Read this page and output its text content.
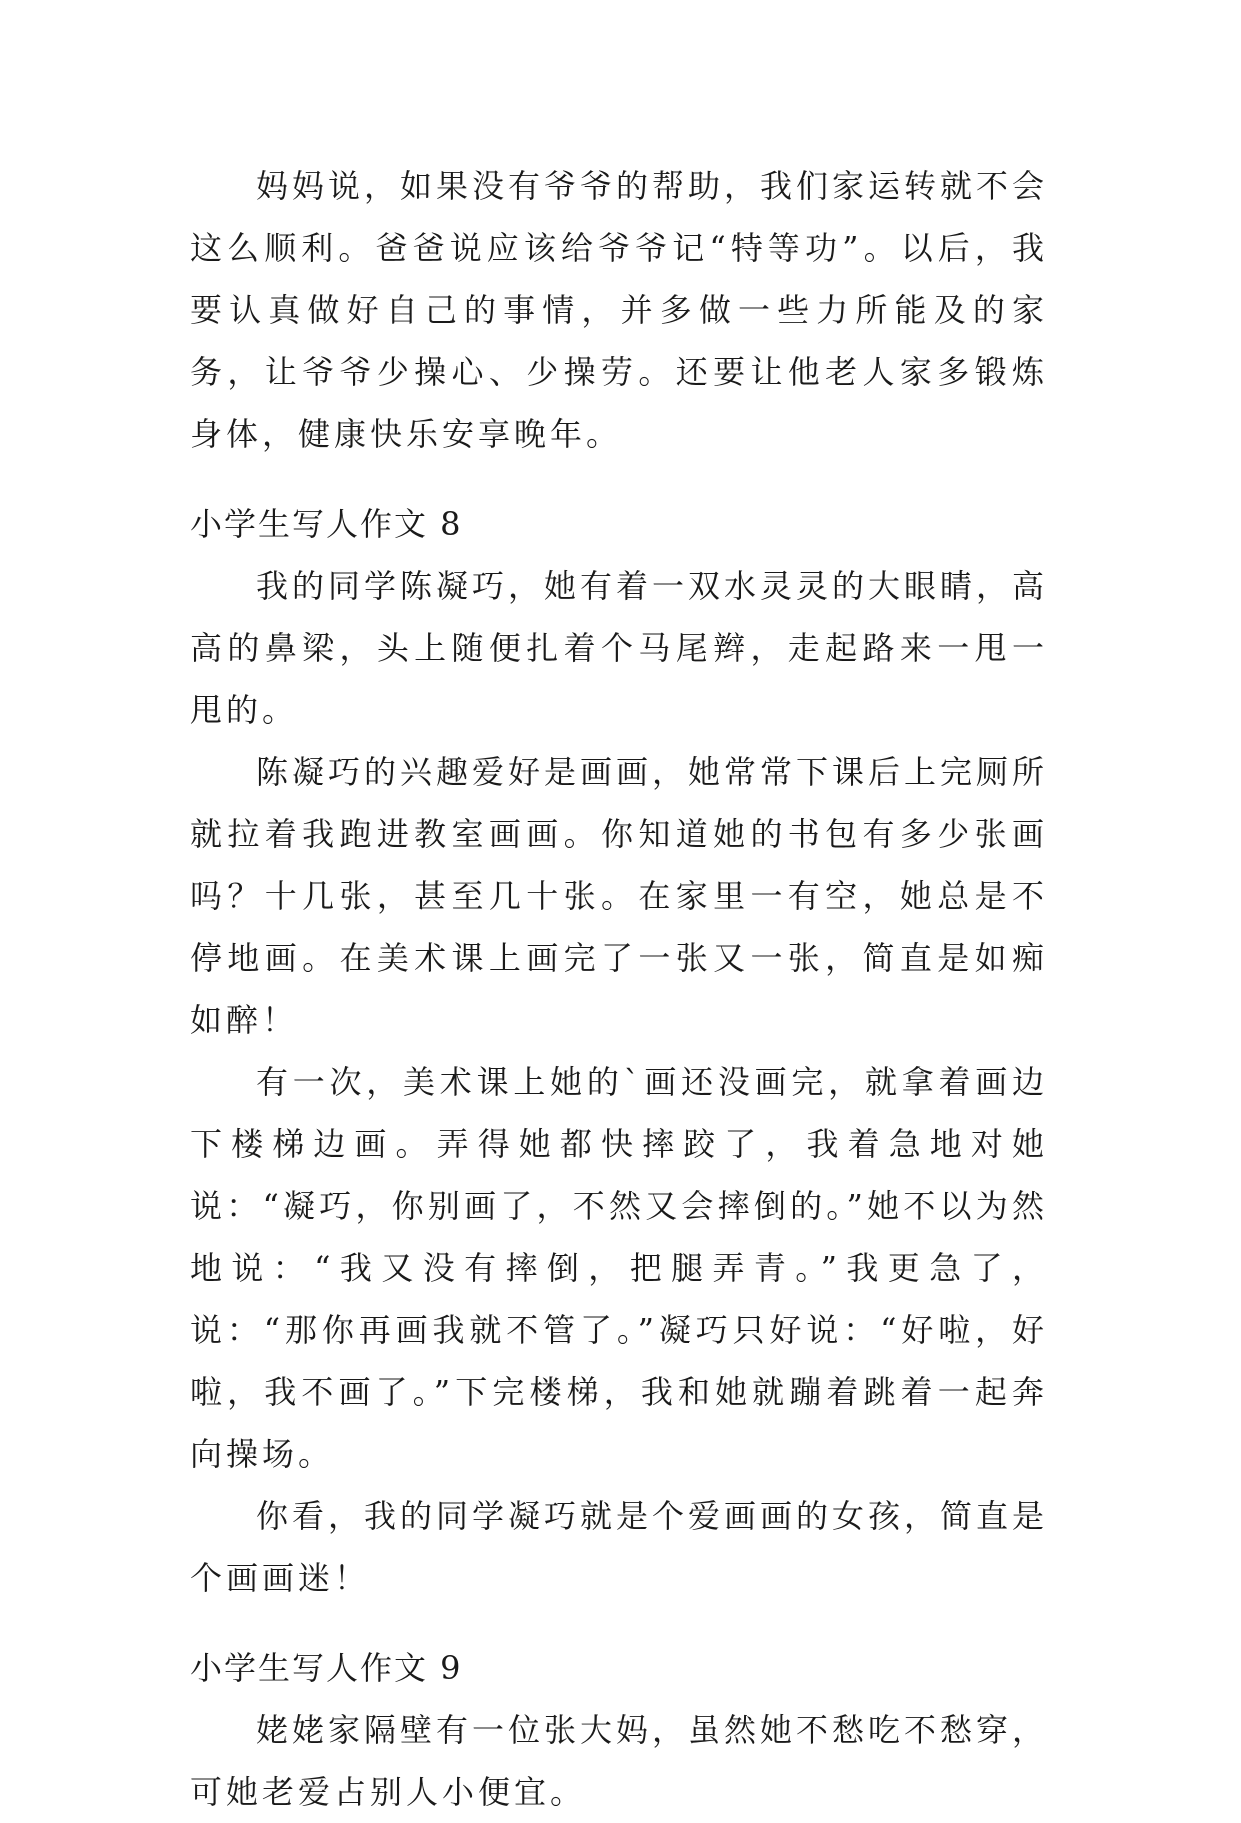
妈妈说，如果没有爷爷的帮助，我们家运转就不会这么顺利。爸爸说应该给爷爷记“特等功”。以后，我要认真做好自己的事情，并多做一些力所能及的家务，让爷爷少操心、少操劳。还要让他老人家多锻炼身体，健康快乐安享晚年。

小学生写人作文 8

我的同学陈凝巧，她有着一双水灵灵的大眼睛，高高的鼻梁，头上随便扎着个马尾辫，走起路来一甩一甩的。

陈凝巧的兴趣爱好是画画，她常常下课后上完厕所就拉着我跑进教室画画。你知道她的书包有多少张画吗？十几张，甚至几十张。在家里一有空，她总是不停地画。在美术课上画完了一张又一张，简直是如痴如醉！

有一次，美术课上她的`画还没画完，就拿着画边下楼梯边画。弄得她都快摔跤了，我着急地对她说：“凝巧，你别画了，不然又会摔倒的。”她不以为然地说：“我又没有摔倒，把腿弄青。”我更急了，说：“那你再画我就不管了。”凝巧只好说：“好啦，好啦，我不画了。”下完楼梯，我和她就蹦着跳着一起奔向操场。

你看，我的同学凝巧就是个爱画画的女孩，简直是个画画迷！

小学生写人作文 9

姥姥家隔壁有一位张大妈，虽然她不愁吃不愁穿，可她老爱占别人小便宜。
